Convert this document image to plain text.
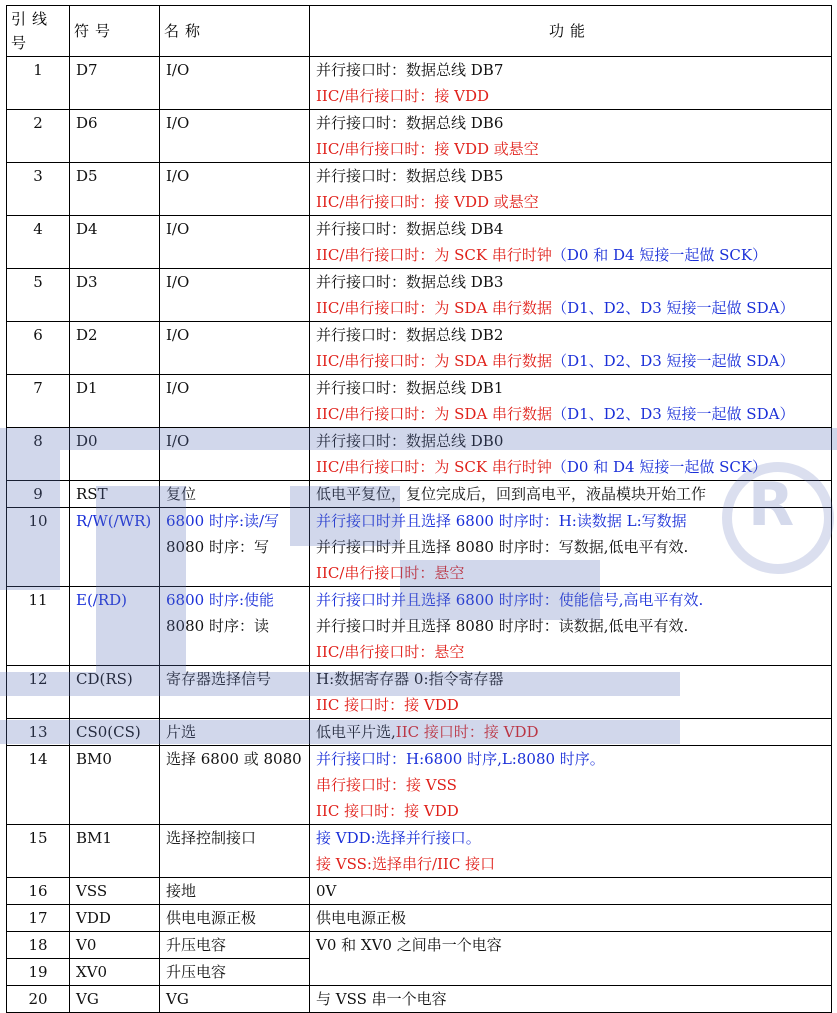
R
引线号	符号	名称	功能
1	D7	I/O	并行接口时：数据总线 DB7
IIC/串行接口时：接 VDD

2	D6	I/O	并行接口时：数据总线 DB6
IIC/串行接口时：接 VDD 或悬空

3	D5	I/O	并行接口时：数据总线 DB5
IIC/串行接口时：接 VDD 或悬空

4	D4	I/O	并行接口时：数据总线 DB4
IIC/串行接口时：为 SCK 串行时钟（D0 和 D4 短接一起做 SCK）

5	D3	I/O	并行接口时：数据总线 DB3
IIC/串行接口时：为 SDA 串行数据（D1、D2、D3 短接一起做 SDA）

6	D2	I/O	并行接口时：数据总线 DB2
IIC/串行接口时：为 SDA 串行数据（D1、D2、D3 短接一起做 SDA）

7	D1	I/O	并行接口时：数据总线 DB1
IIC/串行接口时：为 SDA 串行数据（D1、D2、D3 短接一起做 SDA）

8	D0	I/O	并行接口时：数据总线 DB0
IIC/串行接口时：为 SCK 串行时钟（D0 和 D4 短接一起做 SCK）

9	RST	复位	低电平复位，复位完成后，回到高电平，液晶模块开始工作

10	R/W(/WR)	6800 时序:读/写
8080 时序：写	并行接口时并且选择 6800 时序时：H:读数据 L:写数据
并行接口时并且选择 8080 时序时：写数据,低电平有效.
IIC/串行接口时：悬空

11	E(/RD)	6800 时序:使能
8080 时序：读	并行接口时并且选择 6800 时序时：使能信号,高电平有效.
并行接口时并且选择 8080 时序时：读数据,低电平有效.
IIC/串行接口时：悬空

12	CD(RS)	寄存器选择信号	H:数据寄存器 0:指令寄存器
IIC 接口时：接 VDD

13	CS0(CS)	片选	低电平片选,IIC 接口时：接 VDD

14	BM0	选择 6800 或 8080	并行接口时：H:6800 时序,L:8080 时序。
串行接口时：接 VSS
IIC 接口时：接 VDD

15	BM1	选择控制接口	接 VDD:选择并行接口。
接 VSS:选择串行/IIC 接口

16	VSS	接地	0V

17	VDD	供电电源正极	供电电源正极

18	V0	升压电容	V0 和 XV0 之间串一个电容

19	XV0	升压电容	

20	VG	VG	与 VSS 串一个电容
